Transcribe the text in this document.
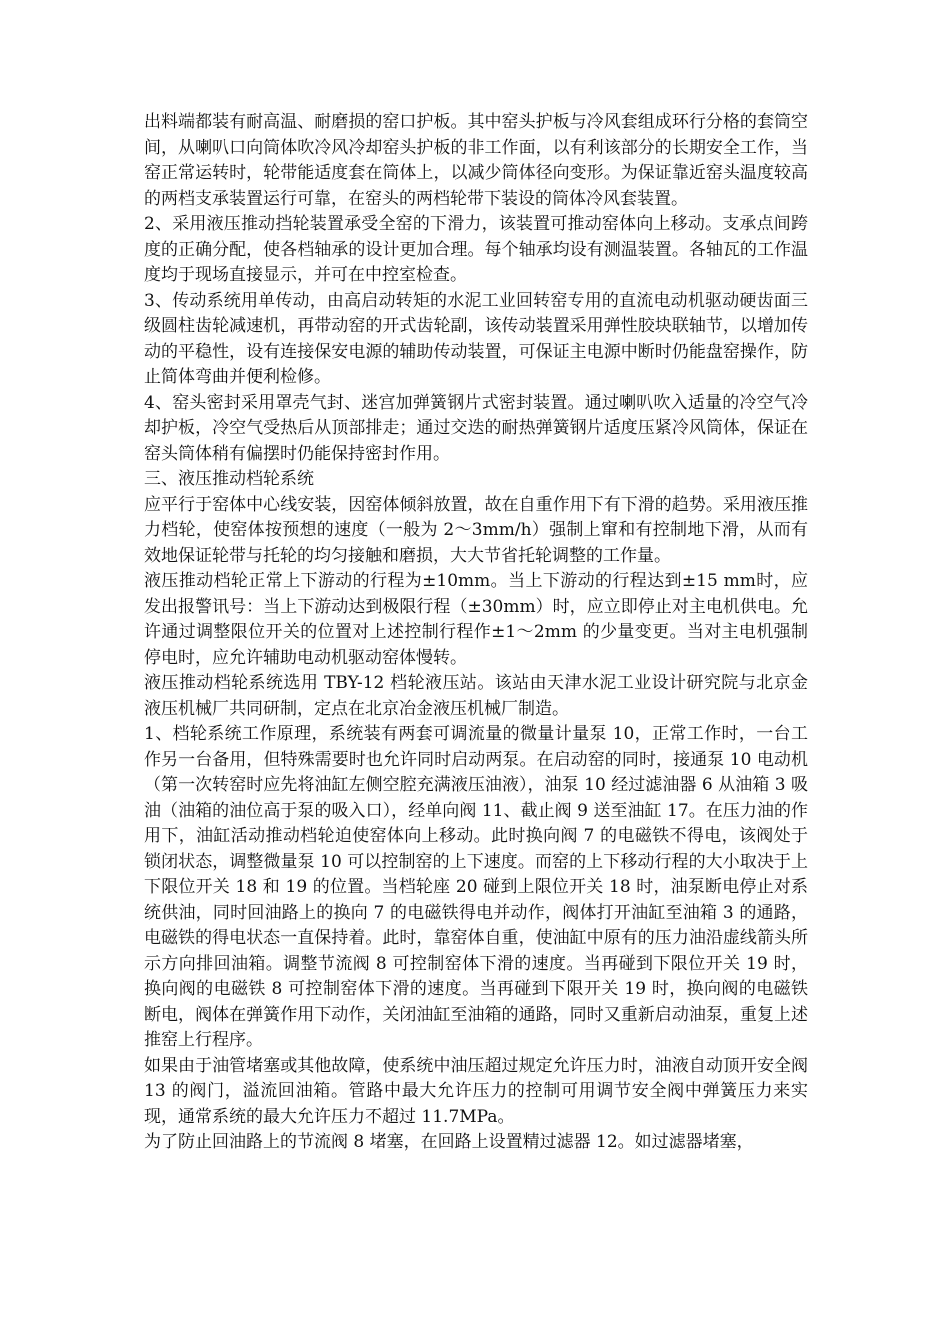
出料端都装有耐高温、耐磨损的窑口护板。其中窑头护板与冷风套组成环行分格的套筒空间，从喇叭口向筒体吹冷风冷却窑头护板的非工作面，以有利该部分的长期安全工作，当窑正常运转时，轮带能适度套在筒体上，以减少筒体径向变形。为保证靠近窑头温度较高的两档支承装置运行可靠，在窑头的两档轮带下装设的筒体冷风套装置。

2、采用液压推动挡轮装置承受全窑的下滑力，该装置可推动窑体向上移动。支承点间跨度的正确分配，使各档轴承的设计更加合理。每个轴承均设有测温装置。各轴瓦的工作温度均于现场直接显示，并可在中控室检查。

3、传动系统用单传动，由高启动转矩的水泥工业回转窑专用的直流电动机驱动硬齿面三级圆柱齿轮减速机，再带动窑的开式齿轮副，该传动装置采用弹性胶块联轴节，以增加传动的平稳性，设有连接保安电源的辅助传动装置，可保证主电源中断时仍能盘窑操作，防止简体弯曲并便利检修。

4、窑头密封采用罩壳气封、迷宫加弹簧钢片式密封装置。通过喇叭吹入适量的冷空气冷却护板，冷空气受热后从顶部排走；通过交迭的耐热弹簧钢片适度压紧冷风筒体，保证在窑头筒体稍有偏摆时仍能保持密封作用。

三、液压推动档轮系统

应平行于窑体中心线安装，因窑体倾斜放置，故在自重作用下有下滑的趋势。采用液压推力档轮，使窑体按预想的速度（一般为 2～3mm/h）强制上窜和有控制地下滑，从而有效地保证轮带与托轮的均匀接触和磨损，大大节省托轮调整的工作量。

液压推动档轮正常上下游动的行程为±10mm。当上下游动的行程达到±15 mm时，应发出报警讯号：当上下游动达到极限行程（±30mm）时，应立即停止对主电机供电。允许通过调整限位开关的位置对上述控制行程作±1～2mm 的少量变更。当对主电机强制停电时，应允许辅助电动机驱动窑体慢转。

液压推动档轮系统选用 TBY-12 档轮液压站。该站由天津水泥工业设计研究院与北京金液压机械厂共同研制，定点在北京冶金液压机械厂制造。

1、档轮系统工作原理，系统装有两套可调流量的微量计量泵 10，正常工作时，一台工作另一台备用，但特殊需要时也允许同时启动两泵。在启动窑的同时，接通泵 10 电动机（第一次转窑时应先将油缸左侧空腔充满液压油液），油泵 10 经过滤油器 6 从油箱 3 吸油（油箱的油位高于泵的吸入口），经单向阀 11、截止阀 9 送至油缸 17。在压力油的作用下，油缸活动推动档轮迫使窑体向上移动。此时换向阀 7 的电磁铁不得电，该阀处于锁闭状态，调整微量泵 10 可以控制窑的上下速度。而窑的上下移动行程的大小取决于上下限位开关 18 和 19 的位置。当档轮座 20 碰到上限位开关 18 时，油泵断电停止对系统供油，同时回油路上的换向 7 的电磁铁得电并动作，阀体打开油缸至油箱 3 的通路，电磁铁的得电状态一直保持着。此时，靠窑体自重，使油缸中原有的压力油沿虚线箭头所示方向排回油箱。调整节流阀 8 可控制窑体下滑的速度。当再碰到下限位开关 19 时，换向阀的电磁铁 8 可控制窑体下滑的速度。当再碰到下限开关 19 时，换向阀的电磁铁断电，阀体在弹簧作用下动作，关闭油缸至油箱的通路，同时又重新启动油泵，重复上述推窑上行程序。

如果由于油管堵塞或其他故障，使系统中油压超过规定允许压力时，油液自动顶开安全阀 13 的阀门，溢流回油箱。管路中最大允许压力的控制可用调节安全阀中弹簧压力来实现，通常系统的最大允许压力不超过 11.7MPa。

为了防止回油路上的节流阀 8 堵塞，在回路上设置精过滤器 12。如过滤器堵塞，
